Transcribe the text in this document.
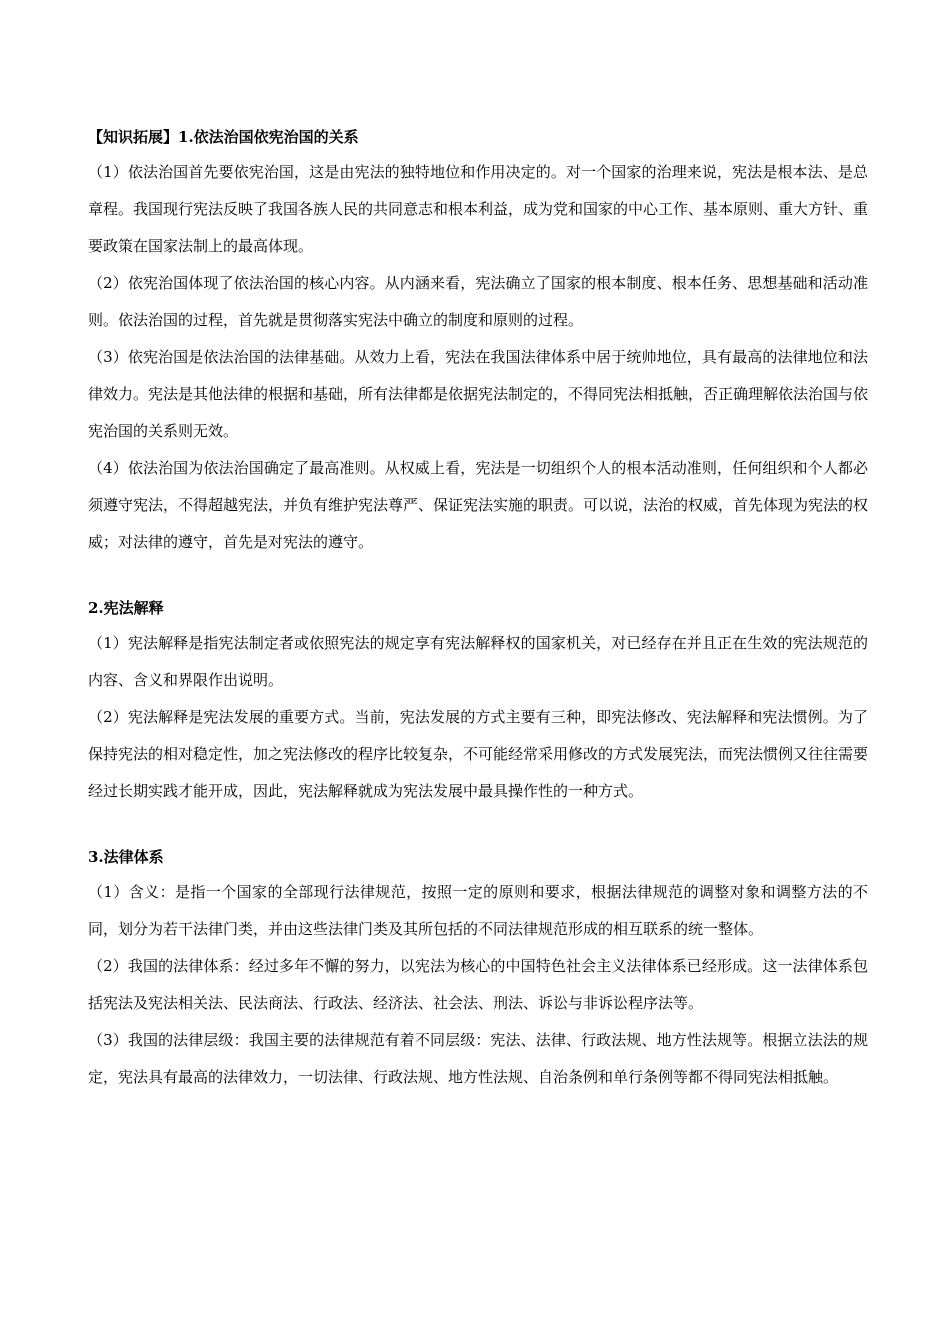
【知识拓展】1.依法治国依宪治国的关系

（1）依法治国首先要依宪治国，这是由宪法的独特地位和作用决定的。对一个国家的治理来说，宪法是根本法、是总章程。我国现行宪法反映了我国各族人民的共同意志和根本利益，成为党和国家的中心工作、基本原则、重大方针、重要政策在国家法制上的最高体现。

（2）依宪治国体现了依法治国的核心内容。从内涵来看，宪法确立了国家的根本制度、根本任务、思想基础和活动准则。依法治国的过程，首先就是贯彻落实宪法中确立的制度和原则的过程。

（3）依宪治国是依法治国的法律基础。从效力上看，宪法在我国法律体系中居于统帅地位，具有最高的法律地位和法律效力。宪法是其他法律的根据和基础，所有法律都是依据宪法制定的，不得同宪法相抵触，否正确理解依法治国与依宪治国的关系则无效。

（4）依法治国为依法治国确定了最高准则。从权威上看，宪法是一切组织个人的根本活动准则，任何组织和个人都必须遵守宪法，不得超越宪法，并负有维护宪法尊严、保证宪法实施的职责。可以说，法治的权威，首先体现为宪法的权威；对法律的遵守，首先是对宪法的遵守。

2.宪法解释

（1）宪法解释是指宪法制定者或依照宪法的规定享有宪法解释权的国家机关，对已经存在并且正在生效的宪法规范的内容、含义和界限作出说明。

（2）宪法解释是宪法发展的重要方式。当前，宪法发展的方式主要有三种，即宪法修改、宪法解释和宪法惯例。为了保持宪法的相对稳定性，加之宪法修改的程序比较复杂，不可能经常采用修改的方式发展宪法，而宪法惯例又往往需要经过长期实践才能开成，因此，宪法解释就成为宪法发展中最具操作性的一种方式。

3.法律体系

（1）含义：是指一个国家的全部现行法律规范，按照一定的原则和要求，根据法律规范的调整对象和调整方法的不同，划分为若干法律门类，并由这些法律门类及其所包括的不同法律规范形成的相互联系的统一整体。

（2）我国的法律体系：经过多年不懈的努力，以宪法为核心的中国特色社会主义法律体系已经形成。这一法律体系包括宪法及宪法相关法、民法商法、行政法、经济法、社会法、刑法、诉讼与非诉讼程序法等。

（3）我国的法律层级：我国主要的法律规范有着不同层级：宪法、法律、行政法规、地方性法规等。根据立法法的规定，宪法具有最高的法律效力，一切法律、行政法规、地方性法规、自治条例和单行条例等都不得同宪法相抵触。
